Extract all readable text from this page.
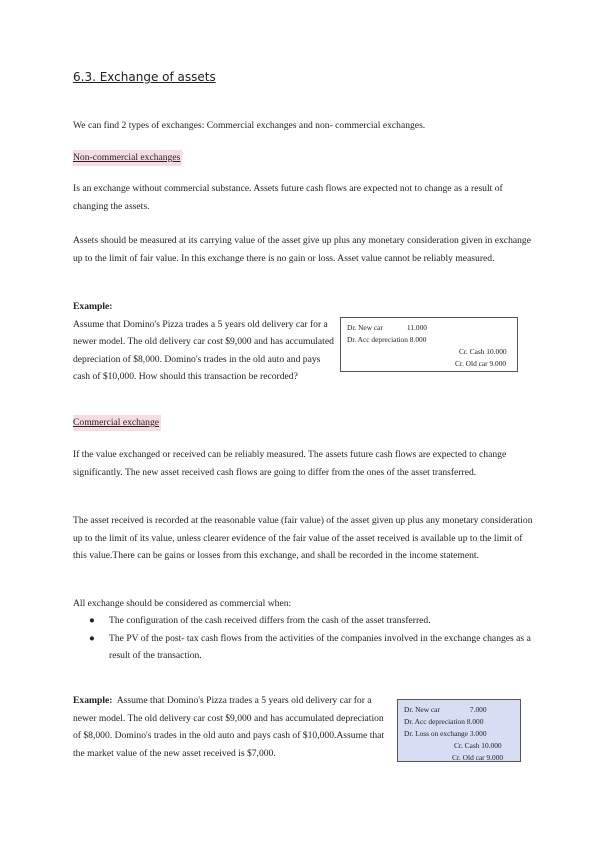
6.3. Exchange of assets

We can find 2 types of exchanges: Commercial exchanges and non- commercial exchanges.

Non-commercial exchanges

Is an exchange without commercial substance. Assets future cash flows are expected not to change as a result of changing the assets.

Assets should be measured at its carrying value of the asset give up plus any monetary consideration given in exchange up to the limit of fair value. In this exchange there is no gain or loss. Asset value cannot be reliably measured.

Example:
Assume that Domino's Pizza trades a 5 years old delivery car for a newer model. The old delivery car cost $9,000 and has accumulated depreciation of $8,000. Domino's trades in the old auto and pays cash of $10,000. How should this transaction be recorded?

Dr. New car	11.000
Dr. Acc depreciation 8.000
Cr. Cash 10.000
Cr. Old car 9.000
Commercial exchange

If the value exchanged or received can be reliably measured. The assets future cash flows are expected to change significantly. The new asset received cash flows are going to differ from the ones of the asset transferred.

The asset received is recorded at the reasonable value (fair value) of the asset given up plus any monetary consideration up to the limit of its value, unless clearer evidence of the fair value of the asset received is available up to the limit of this value.There can be gains or losses from this exchange, and shall be recorded in the income statement.

All exchange should be considered as commercial when:

● The configuration of the cash received differs from the cash of the asset transferred.
● The PV of the post- tax cash flows from the activities of the companies involved in the exchange changes as a result of the transaction.

Example: Assume that Domino's Pizza trades a 5 years old delivery car for a newer model. The old delivery car cost $9,000 and has accumulated depreciation of $8,000. Domino's trades in the old auto and pays cash of $10,000.Assume that the market value of the new asset received is $7,000.

Dr. New car	7.000
Dr. Acc depreciation 8.000
Dr. Loss on exchange 3.000
Cr. Cash 10.000
Cr. Old car 9.000
